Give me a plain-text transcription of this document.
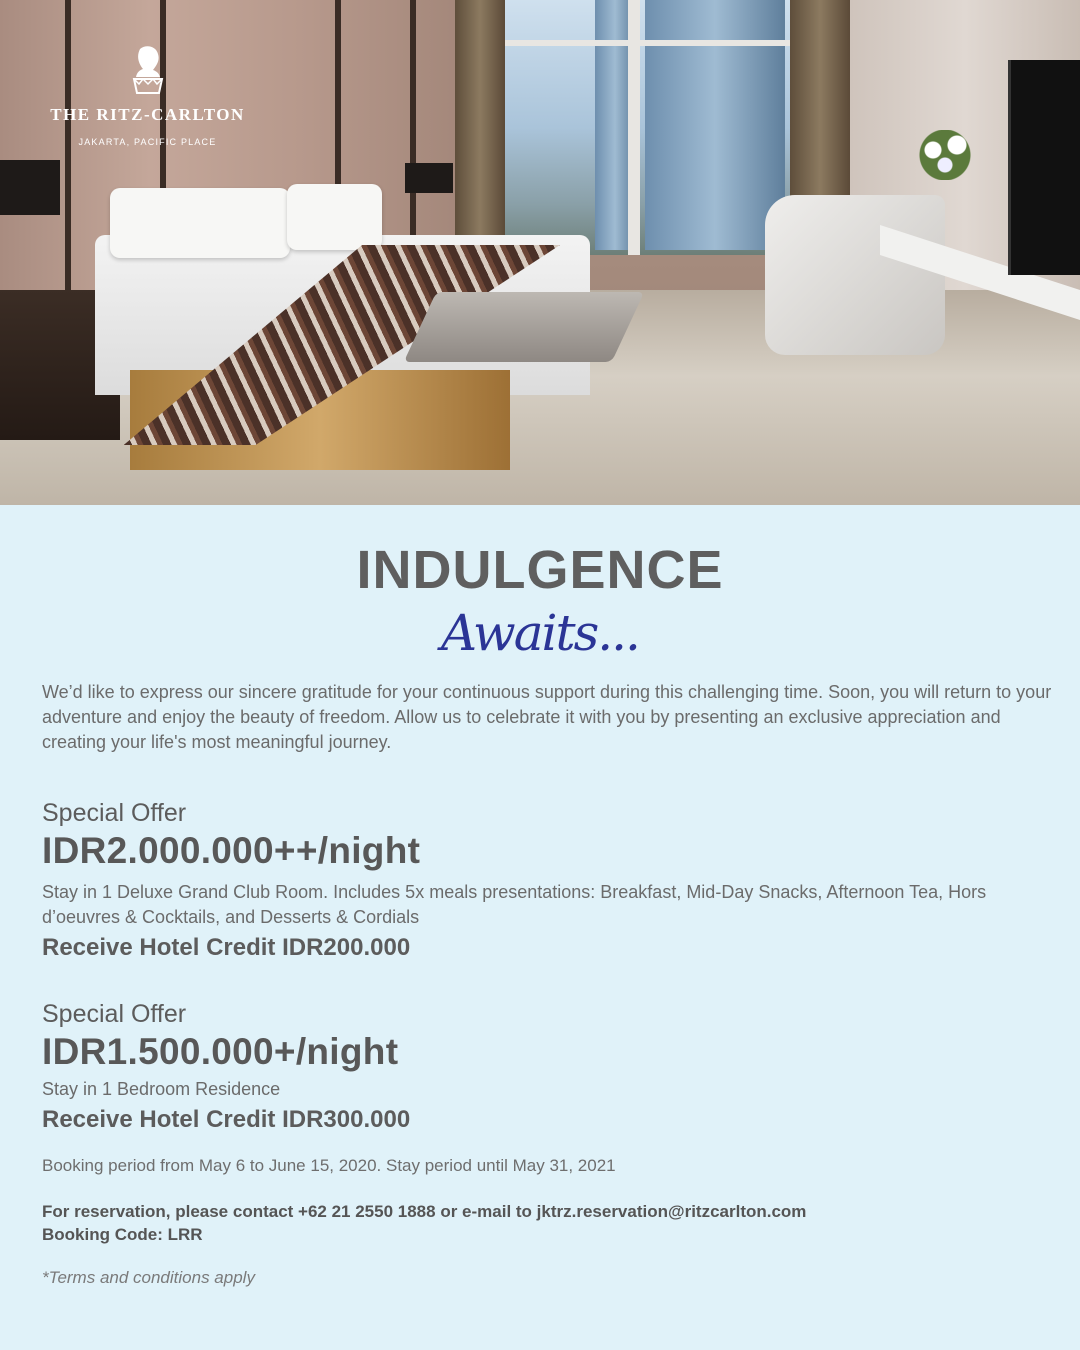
THE RITZ-CARLTON
JAKARTA, PACIFIC PLACE
INDULGENCE
Awaits...

We’d like to express our sincere gratitude for your continuous support during this challenging time. Soon, you will return to your adventure and enjoy the beauty of freedom. Allow us to celebrate it with you by presenting an exclusive appreciation and creating your life's most meaningful journey.

Special Offer
IDR2.000.000++/night
Stay in 1 Deluxe Grand Club Room. Includes 5x meals presentations: Breakfast, Mid-Day Snacks, Afternoon Tea, Hors d’oeuvres & Cocktails, and Desserts & Cordials
Receive Hotel Credit IDR200.000
Special Offer
IDR1.500.000+/night
Stay in 1 Bedroom Residence
Receive Hotel Credit IDR300.000
Booking period from May 6 to June 15, 2020. Stay period until May 31, 2021
For reservation, please contact +62 21 2550 1888 or e-mail to jktrz.reservation@ritzcarlton.com
Booking Code: LRR
*Terms and conditions apply
